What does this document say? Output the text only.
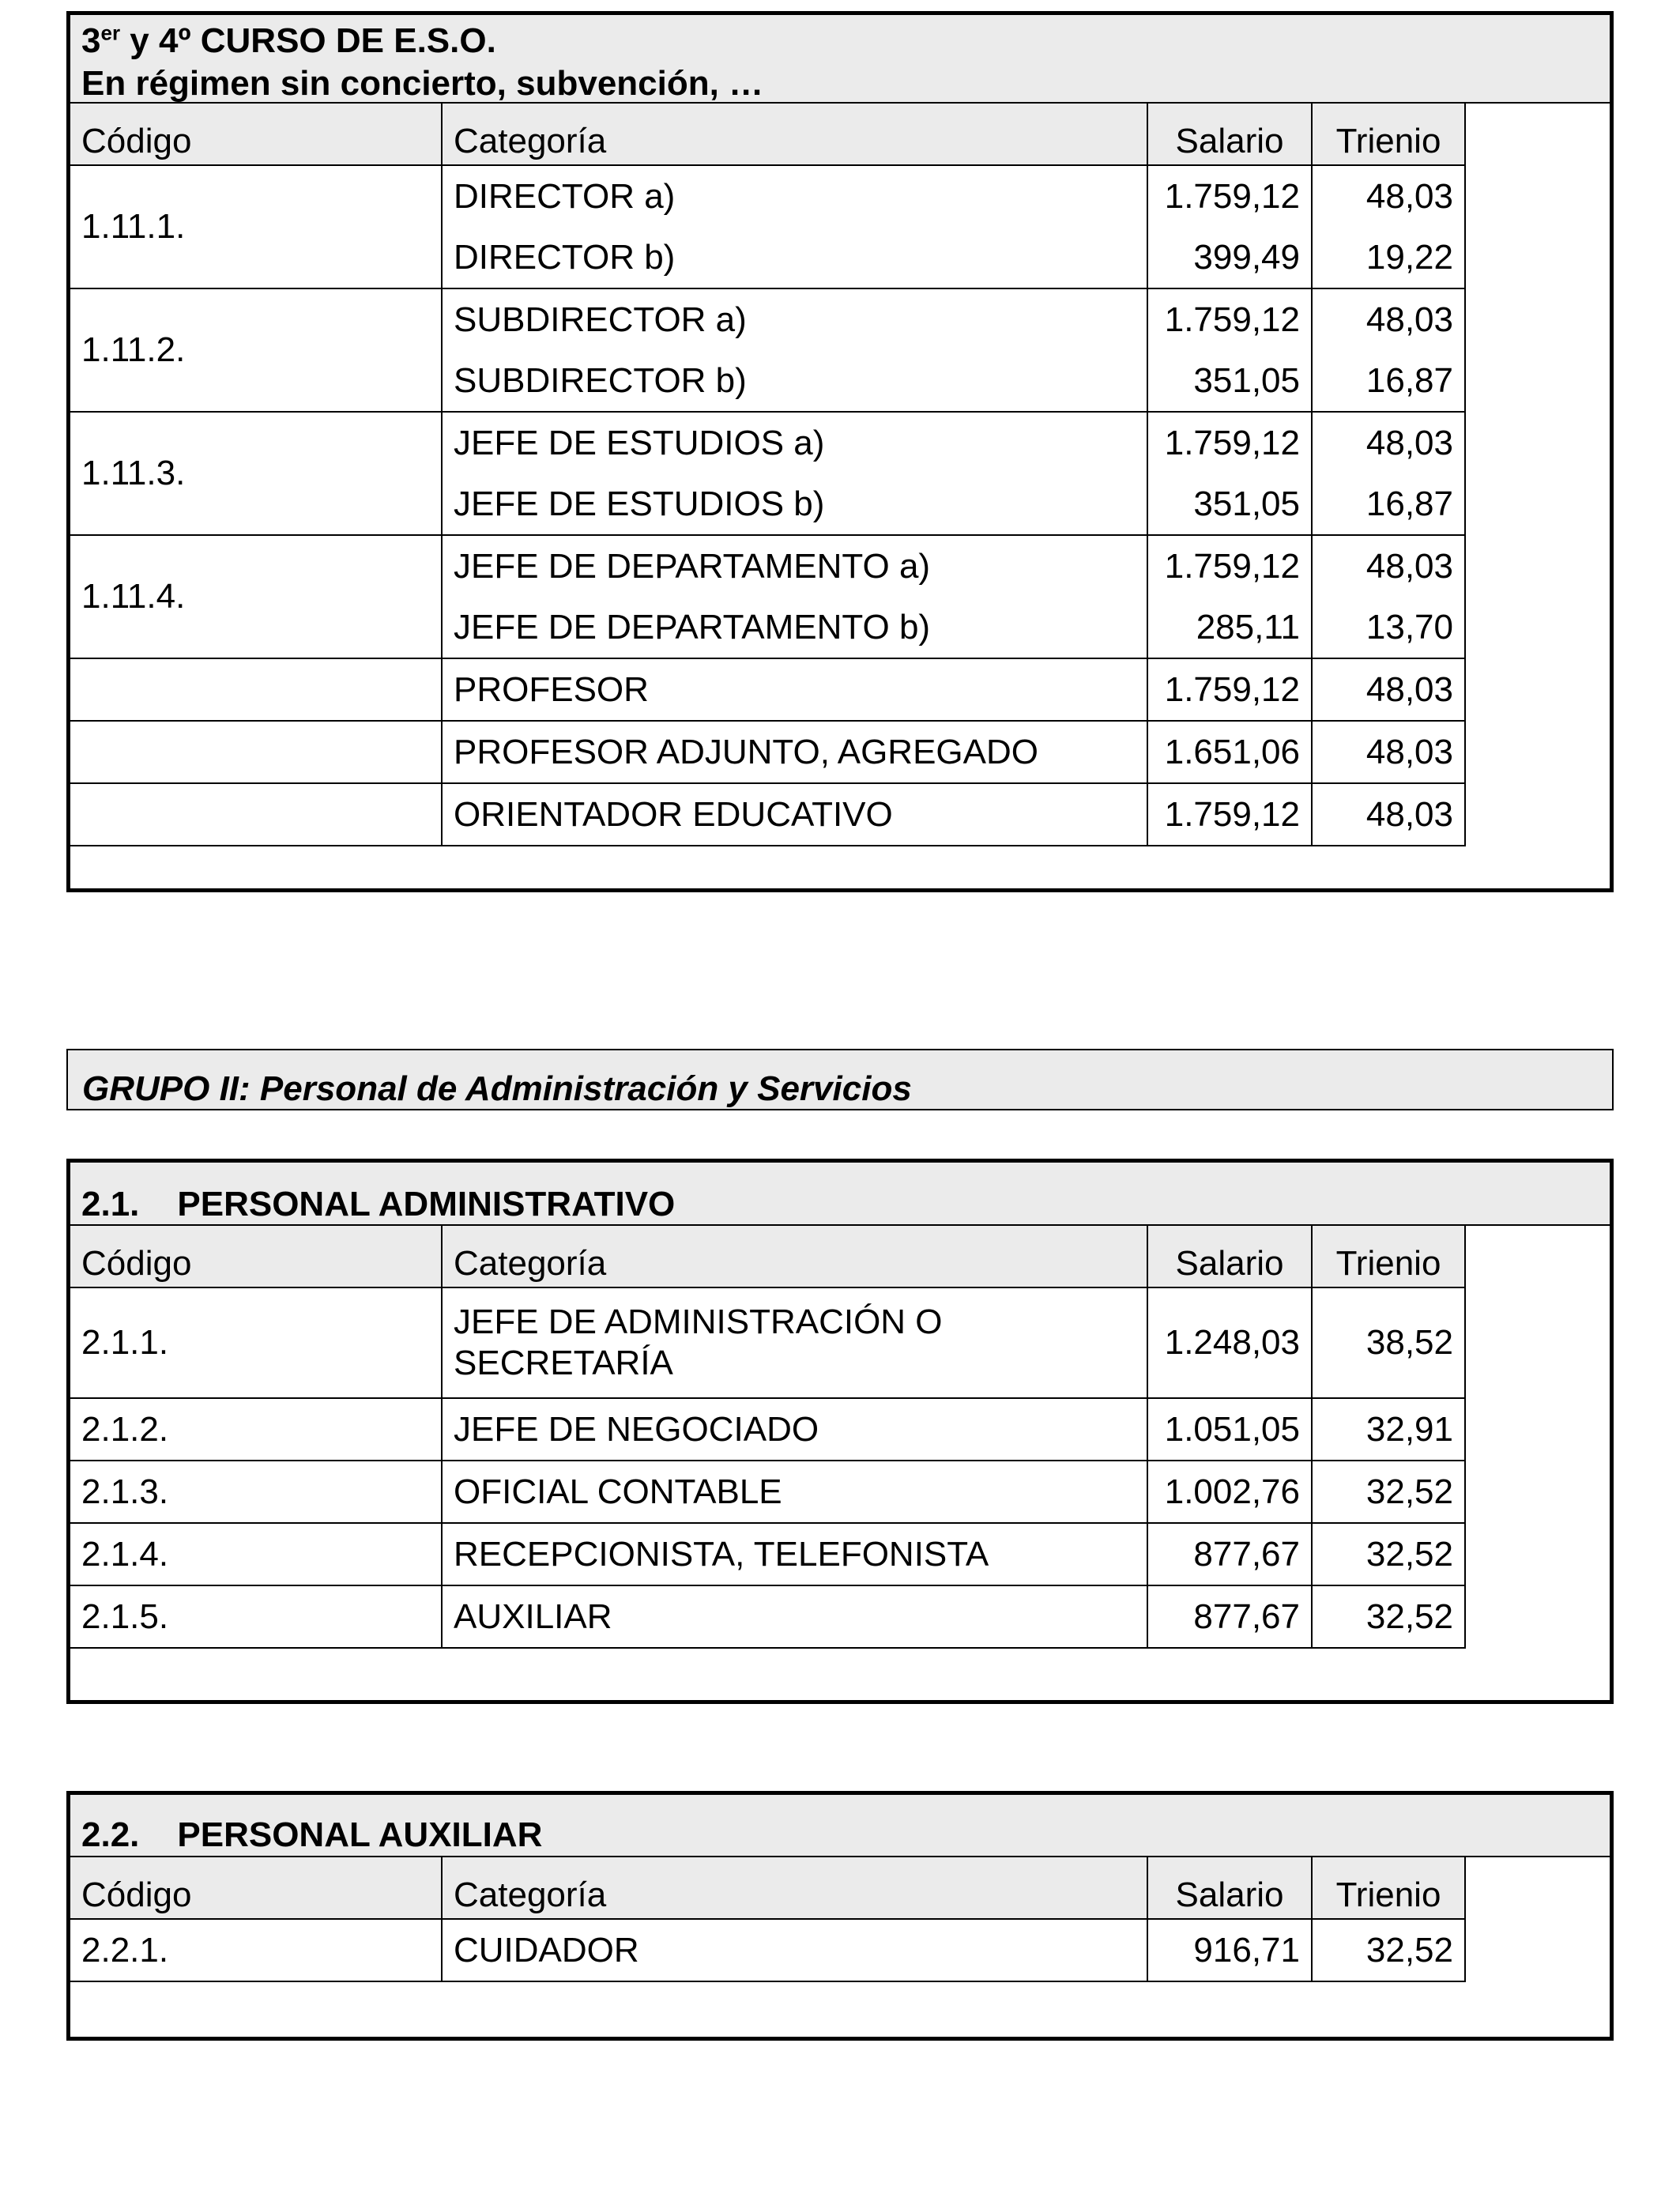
3er y 4º CURSO DE E.S.O.
En régimen sin concierto, subvención, …
Código	Categoría	Salario	Trienio
1.11.1.	DIRECTOR a)	1.759,12	48,03
	DIRECTOR b)	399,49	19,22
1.11.2.	SUBDIRECTOR a)	1.759,12	48,03
	SUBDIRECTOR b)	351,05	16,87
1.11.3.	JEFE DE ESTUDIOS a)	1.759,12	48,03
	JEFE DE ESTUDIOS b)	351,05	16,87
1.11.4.	JEFE DE DEPARTAMENTO a)	1.759,12	48,03
	JEFE DE DEPARTAMENTO b)	285,11	13,70
	PROFESOR	1.759,12	48,03
	PROFESOR ADJUNTO, AGREGADO	1.651,06	48,03
	ORIENTADOR EDUCATIVO	1.759,12	48,03
GRUPO II: Personal de Administración y Servicios
2.1. PERSONAL ADMINISTRATIVO
Código	Categoría	Salario	Trienio
2.1.1.	JEFE DE ADMINISTRACIÓN O SECRETARÍA	1.248,03	38,52
2.1.2.	JEFE DE NEGOCIADO	1.051,05	32,91
2.1.3.	OFICIAL CONTABLE	1.002,76	32,52
2.1.4.	RECEPCIONISTA, TELEFONISTA	877,67	32,52
2.1.5.	AUXILIAR	877,67	32,52
2.2. PERSONAL AUXILIAR
Código	Categoría	Salario	Trienio
2.2.1.	CUIDADOR	916,71	32,52
